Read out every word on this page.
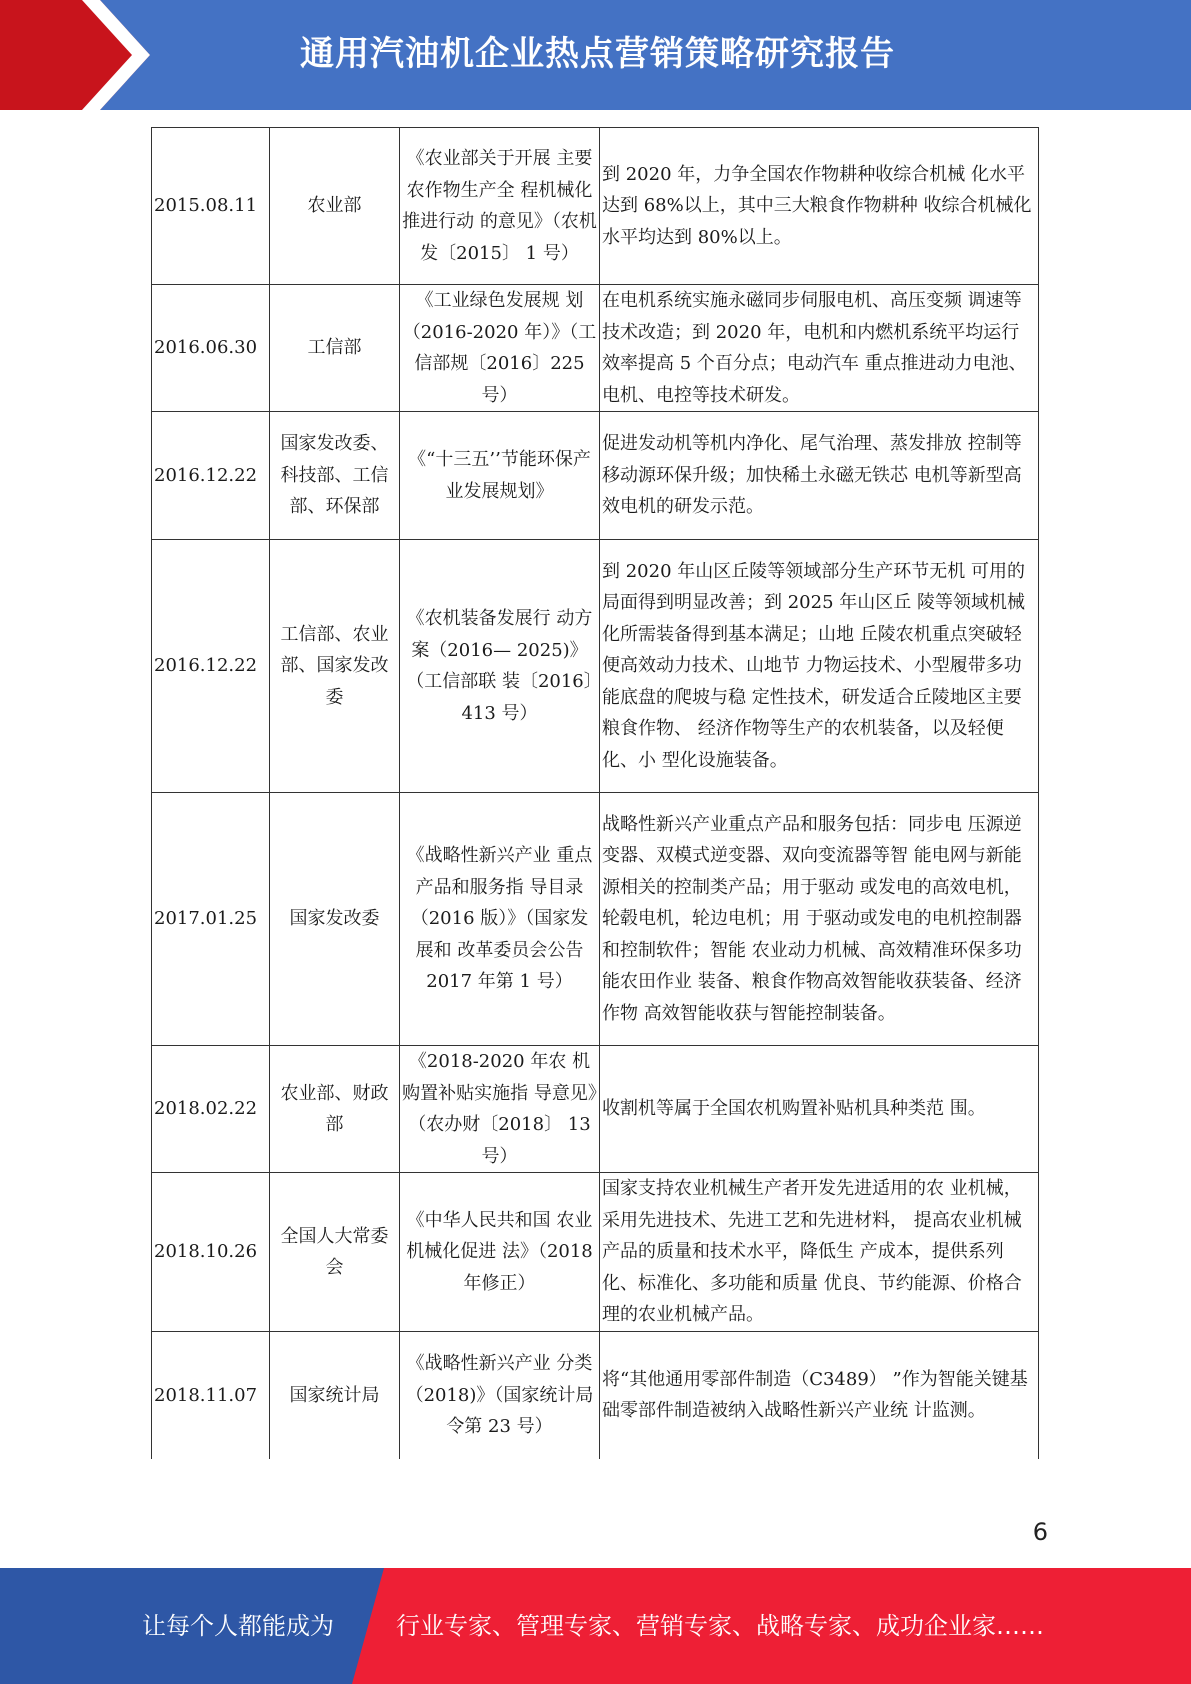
通用汽油机企业热点营销策略研究报告
2015.08.11	农业部	《农业部关于开展 主要农作物生产全 程机械化推进行动 的意见》（农机发〔2015〕 1 号）	到 2020 年，力争全国农作物耕种收综合机械 化水平达到 68%以上，其中三大粮食作物耕种 收综合机械化水平均达到 80%以上。
2016.06.30	工信部	《工业绿色发展规 划（2016-2020 年）》（工信部规〔2016〕225 号）	在电机系统实施永磁同步伺服电机、高压变频 调速等技术改造；到 2020 年，电机和内燃机系统平均运行效率提高 5 个百分点；电动汽车 重点推进动力电池、电机、电控等技术研发。
2016.12.22	国家发改委、科技部、工信部、环保部	《“十三五’’节能环保产业发展规划》	促进发动机等机内净化、尾气治理、蒸发排放 控制等移动源环保升级；加快稀土永磁无铁芯 电机等新型高效电机的研发示范。
2016.12.22	工信部、农业部、国家发改委	《农机装备发展行 动方案（2016— 2025)》（工信部联 装〔2016〕413 号）	到 2020 年山区丘陵等领域部分生产环节无机 可用的局面得到明显改善；到 2025 年山区丘 陵等领域机械化所需装备得到基本满足；山地 丘陵农机重点突破轻便高效动力技术、山地节 力物运技术、小型履带多功能底盘的爬坡与稳 定性技术，研发适合丘陵地区主要粮食作物、 经济作物等生产的农机装备，以及轻便化、小 型化设施装备。
2017.01.25	国家发改委	《战略性新兴产业 重点产品和服务指 导目录（2016 版）》（国家发展和 改革委员会公告 2017 年第 1 号）	战略性新兴产业重点产品和服务包括：同步电 压源逆变器、双模式逆变器、双向变流器等智 能电网与新能源相关的控制类产品；用于驱动 或发电的高效电机，轮毂电机，轮边电机；用 于驱动或发电的电机控制器和控制软件；智能 农业动力机械、高效精准环保多功能农田作业 装备、粮食作物高效智能收获装备、经济作物 高效智能收获与智能控制装备。
2018.02.22	农业部、财政部	《2018-2020 年农 机购置补贴实施指 导意见》（农办财〔2018〕 13 号）	收割机等属于全国农机购置补贴机具种类范 围。
2018.10.26	全国人大常委会	《中华人民共和国 农业机械化促进 法》（2018 年修正）	国家支持农业机械生产者开发先进适用的农 业机械，采用先进技术、先进工艺和先进材料， 提高农业机械产品的质量和技术水平，降低生 产成本，提供系列化、标准化、多功能和质量 优良、节约能源、价格合理的农业机械产品。
2018.11.07	国家统计局	《战略性新兴产业 分类（2018)》（国家统计局令第 23 号）	将“其他通用零部件制造（C3489） ”作为智能关键基础零部件制造被纳入战略性新兴产业统 计监测。
6
让每个人都能成为	行业专家、管理专家、营销专家、战略专家、成功企业家……
